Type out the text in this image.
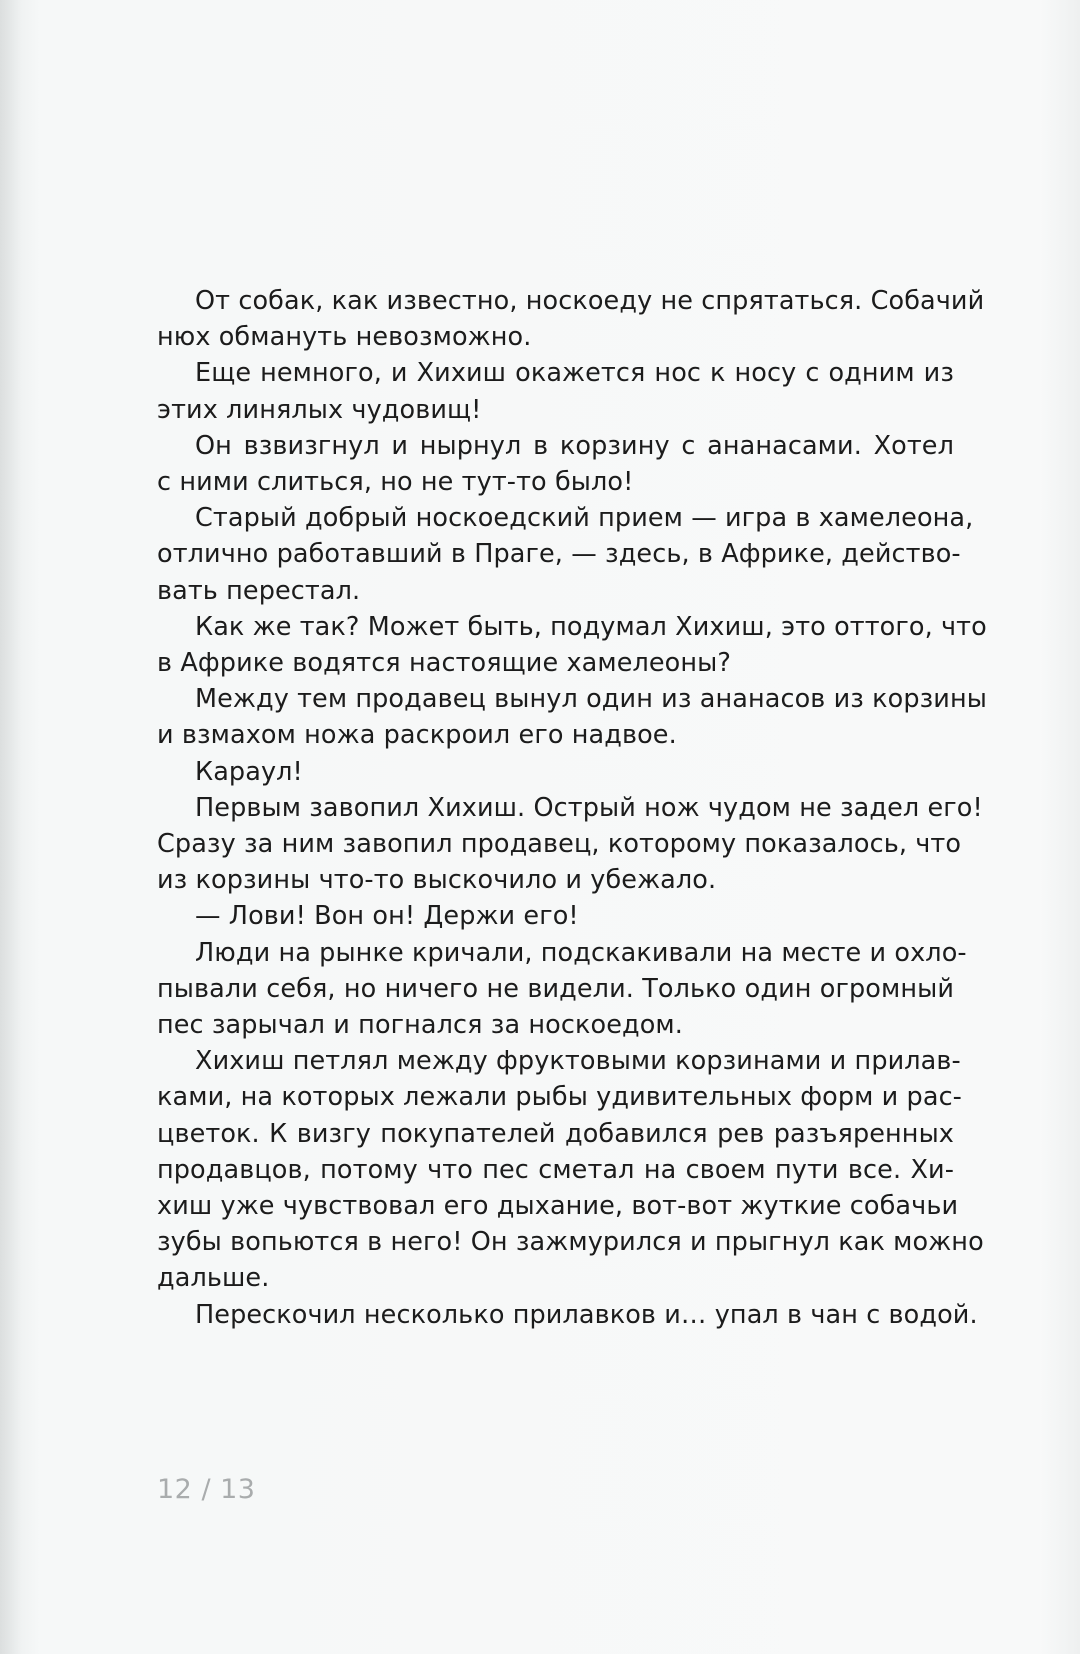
От собак, как известно, носкоеду не спрятаться. Собачий
нюх обмануть невозможно.

Еще немного, и Хихиш окажется нос к носу с одним из
этих линялых чудовищ!

Он взвизгнул и нырнул в корзину с ананасами. Хотел
с ними слиться, но не тут-то было!

Старый добрый носкоедский прием — игра в хамелеона,
отлично работавший в Праге, — здесь, в Африке, действо-
вать перестал.

Как же так? Может быть, подумал Хихиш, это оттого, что
в Африке водятся настоящие хамелеоны?

Между тем продавец вынул один из ананасов из корзины
и взмахом ножа раскроил его надвое.

Караул!

Первым завопил Хихиш. Острый нож чудом не задел его!
Сразу за ним завопил продавец, которому показалось, что
из корзины что-то выскочило и убежало.

— Лови! Вон он! Держи его!

Люди на рынке кричали, подскакивали на месте и охло-
пывали себя, но ничего не видели. Только один огромный
пес зарычал и погнался за носкоедом.

Хихиш петлял между фруктовыми корзинами и прилав-
ками, на которых лежали рыбы удивительных форм и рас-
цветок. К визгу покупателей добавился рев разъяренных
продавцов, потому что пес сметал на своем пути все. Хи-
хиш уже чувствовал его дыхание, вот-вот жуткие собачьи
зубы вопьются в него! Он зажмурился и прыгнул как можно
дальше.

Перескочил несколько прилавков и… упал в чан с водой.

12 / 13
